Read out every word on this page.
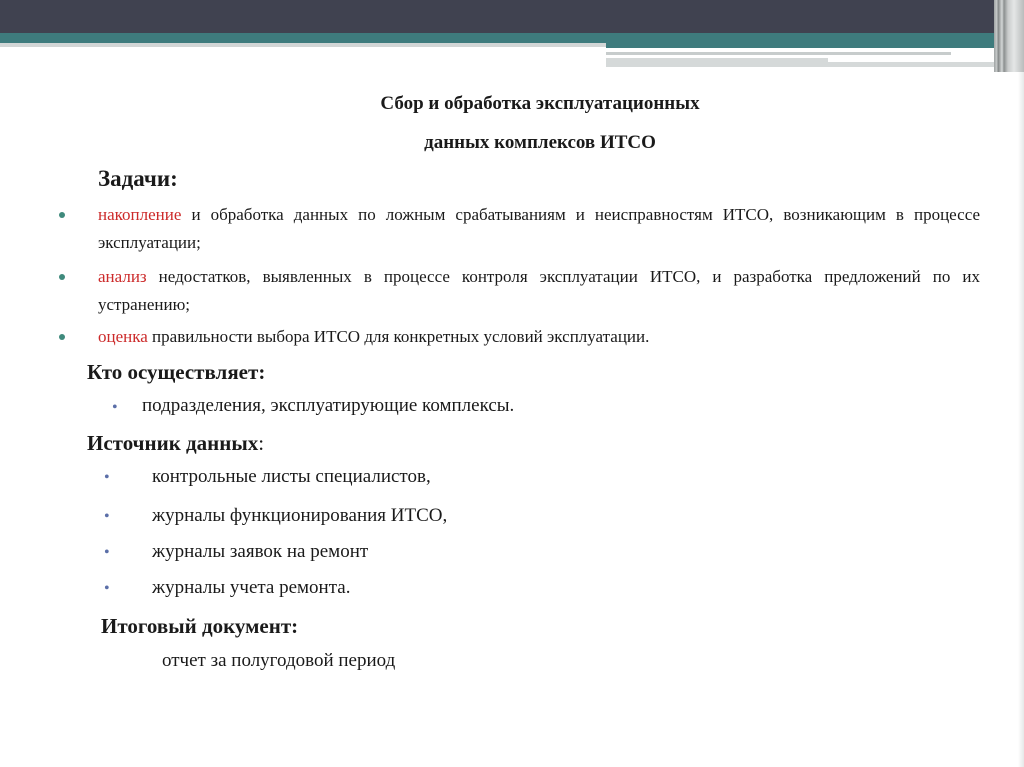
Сбор и обработка эксплуатационных
данных комплексов ИТСО
Задачи:
накопление и обработка данных по ложным срабатываниям и неисправностям ИТСО, возникающим в процессе эксплуатации;
анализ недостатков, выявленных в процессе контроля эксплуатации ИТСО, и разработка предложений по их устранению;
оценка правильности выбора ИТСО для конкретных условий эксплуатации.
Кто осуществляет:
• подразделения, эксплуатирующие комплексы.
Источник данных:
• контрольные листы специалистов,
• журналы функционирования ИТСО,
• журналы заявок на ремонт
• журналы учета ремонта.
Итоговый документ:
отчет за полугодовой период
